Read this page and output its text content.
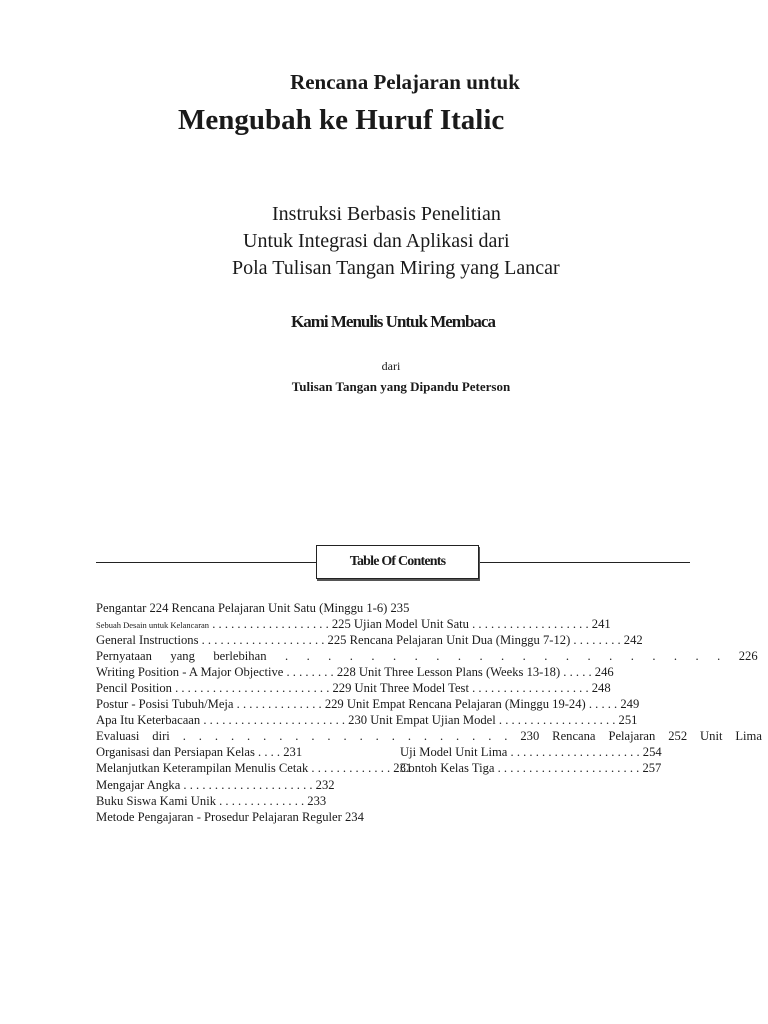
Rencana Pelajaran untuk
Mengubah ke Huruf Italic
Instruksi Berbasis Penelitian
Untuk Integrasi dan Aplikasi dari
Pola Tulisan Tangan Miring yang Lancar
Kami Menulis Untuk Membaca
dari
Tulisan Tangan yang Dipandu Peterson
Table Of Contents
Pengantar 224 Rencana Pelajaran Unit Satu (Minggu 1-6) 235
Sebuah Desain untuk Kelancaran . . . . . . . . . . . . . . . . . . . 225 Ujian Model Unit Satu . . . . . . . . . . . . . . . . . . . 241
General Instructions . . . . . . . . . . . . . . . . . . . . 225 Rencana Pelajaran Unit Dua (Minggu 7-12) . . . . . . . . 242
Pernyataan yang berlebihan . . . . . . . . . . . . . . . . . . . . . 226
Writing Position - A Major Objective . . . . . . . . 228 Unit Three Lesson Plans (Weeks 13-18) . . . . . 246
Pencil Position . . . . . . . . . . . . . . . . . . . . . . . . . 229 Unit Three Model Test . . . . . . . . . . . . . . . . . . . 248
Postur - Posisi Tubuh/Meja . . . . . . . . . . . . . . 229 Unit Empat Rencana Pelajaran (Minggu 19-24) . . . . . 249
Apa Itu Keterbacaan . . . . . . . . . . . . . . . . . . . . . . . 230 Unit Empat Ujian Model . . . . . . . . . . . . . . . . . . . 251
Evaluasi diri . . . . . . . . . . . . . . . . . . . . . 230 Rencana Pelajaran 252 Unit Lima
Organisasi dan Persiapan Kelas . . . . 231	Uji Model Unit Lima . . . . . . . . . . . . . . . . . . . . . 254
Melanjutkan Keterampilan Menulis Cetak . . . . . . . . . . . . . 231
Contoh Kelas Tiga . . . . . . . . . . . . . . . . . . . . . . . 257
Mengajar Angka . . . . . . . . . . . . . . . . . . . . . 232
Buku Siswa Kami Unik . . . . . . . . . . . . . . 233
Metode Pengajaran - Prosedur Pelajaran Reguler 234
